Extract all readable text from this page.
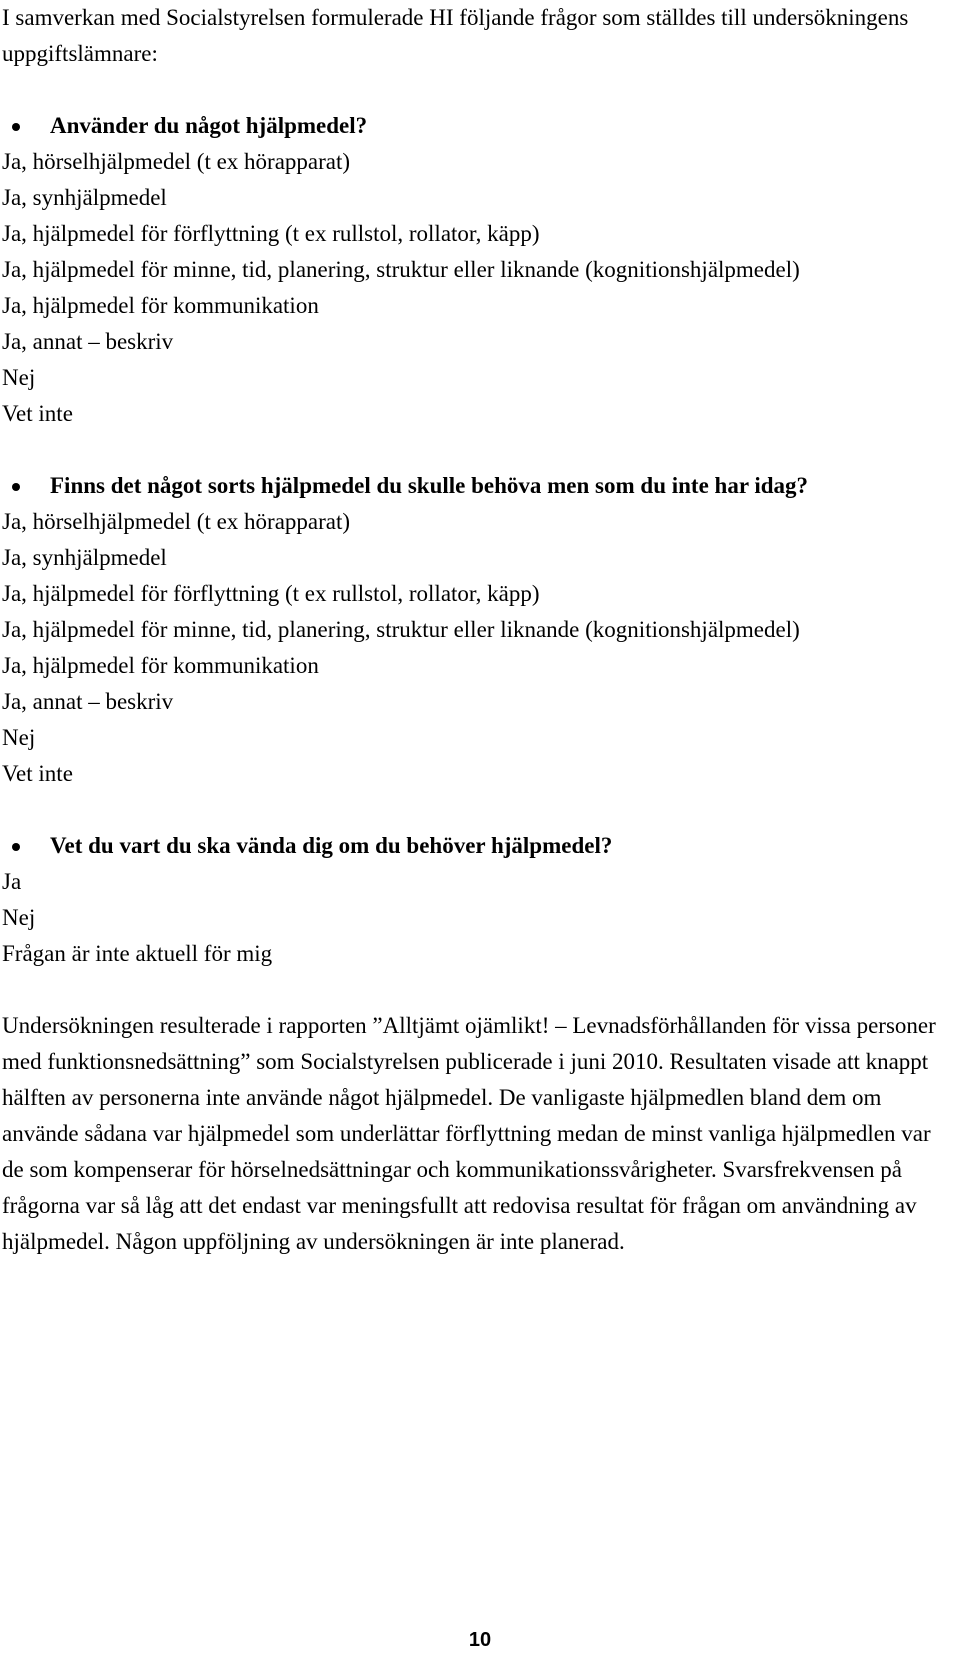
I samverkan med Socialstyrelsen formulerade HI följande frågor som ställdes till undersökningens uppgiftslämnare:

Använder du något hjälpmedel?

Ja, hörselhjälpmedel (t ex hörapparat)
Ja, synhjälpmedel
Ja, hjälpmedel för förflyttning (t ex rullstol, rollator, käpp)
Ja, hjälpmedel för minne, tid, planering, struktur eller liknande (kognitionshjälpmedel)
Ja, hjälpmedel för kommunikation
Ja, annat – beskriv
Nej
Vet inte

Finns det något sorts hjälpmedel du skulle behöva men som du inte har idag?

Ja, hörselhjälpmedel (t ex hörapparat)
Ja, synhjälpmedel
Ja, hjälpmedel för förflyttning (t ex rullstol, rollator, käpp)
Ja, hjälpmedel för minne, tid, planering, struktur eller liknande (kognitionshjälpmedel)
Ja, hjälpmedel för kommunikation
Ja, annat – beskriv
Nej
Vet inte

Vet du vart du ska vända dig om du behöver hjälpmedel?

Ja
Nej
Frågan är inte aktuell för mig

Undersökningen resulterade i rapporten ”Alltjämt ojämlikt! – Levnadsförhållanden för vissa personer med funktionsnedsättning” som Socialstyrelsen publicerade i juni 2010. Resultaten visade att knappt hälften av personerna inte använde något hjälpmedel. De vanligaste hjälpmedlen bland dem om använde sådana var hjälpmedel som underlättar förflyttning medan de minst vanliga hjälpmedlen var de som kompenserar för hörselnedsättningar och kommunikationssvårigheter. Svarsfrekvensen på frågorna var så låg att det endast var meningsfullt att redovisa resultat för frågan om användning av hjälpmedel. Någon uppföljning av undersökningen är inte planerad.

10
